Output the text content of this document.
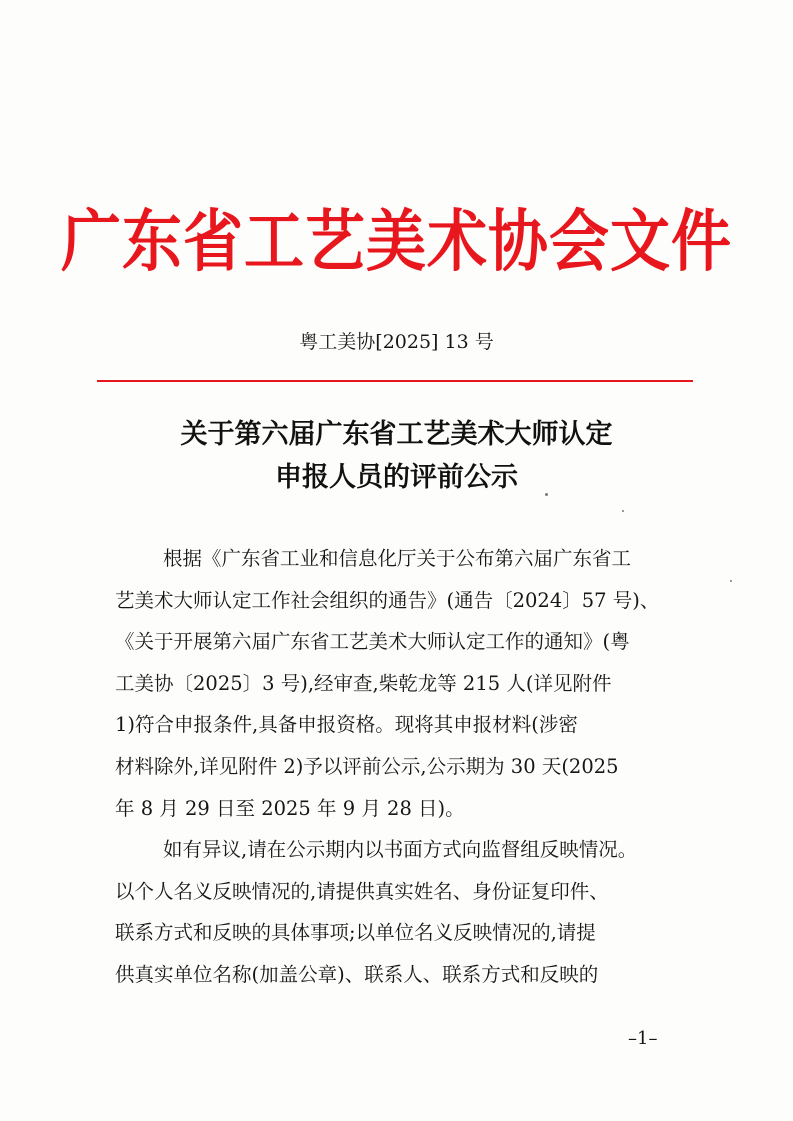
广东省工艺美术协会文件
粤工美协[2025] 13 号
关于第六届广东省工艺美术大师认定
申报人员的评前公示
根据《广东省工业和信息化厅关于公布第六届广东省工
艺美术大师认定工作社会组织的通告》(通告〔2024〕57 号)、
《关于开展第六届广东省工艺美术大师认定工作的通知》(粤
工美协〔2025〕3 号),经审查,柴乾龙等 215 人(详见附件
1)符合申报条件,具备申报资格。现将其申报材料(涉密
材料除外,详见附件 2)予以评前公示,公示期为 30 天(2025
年 8 月 29 日至 2025 年 9 月 28 日)。
如有异议,请在公示期内以书面方式向监督组反映情况。
以个人名义反映情况的,请提供真实姓名、身份证复印件、
联系方式和反映的具体事项;以单位名义反映情况的,请提
供真实单位名称(加盖公章)、联系人、联系方式和反映的
–1–
